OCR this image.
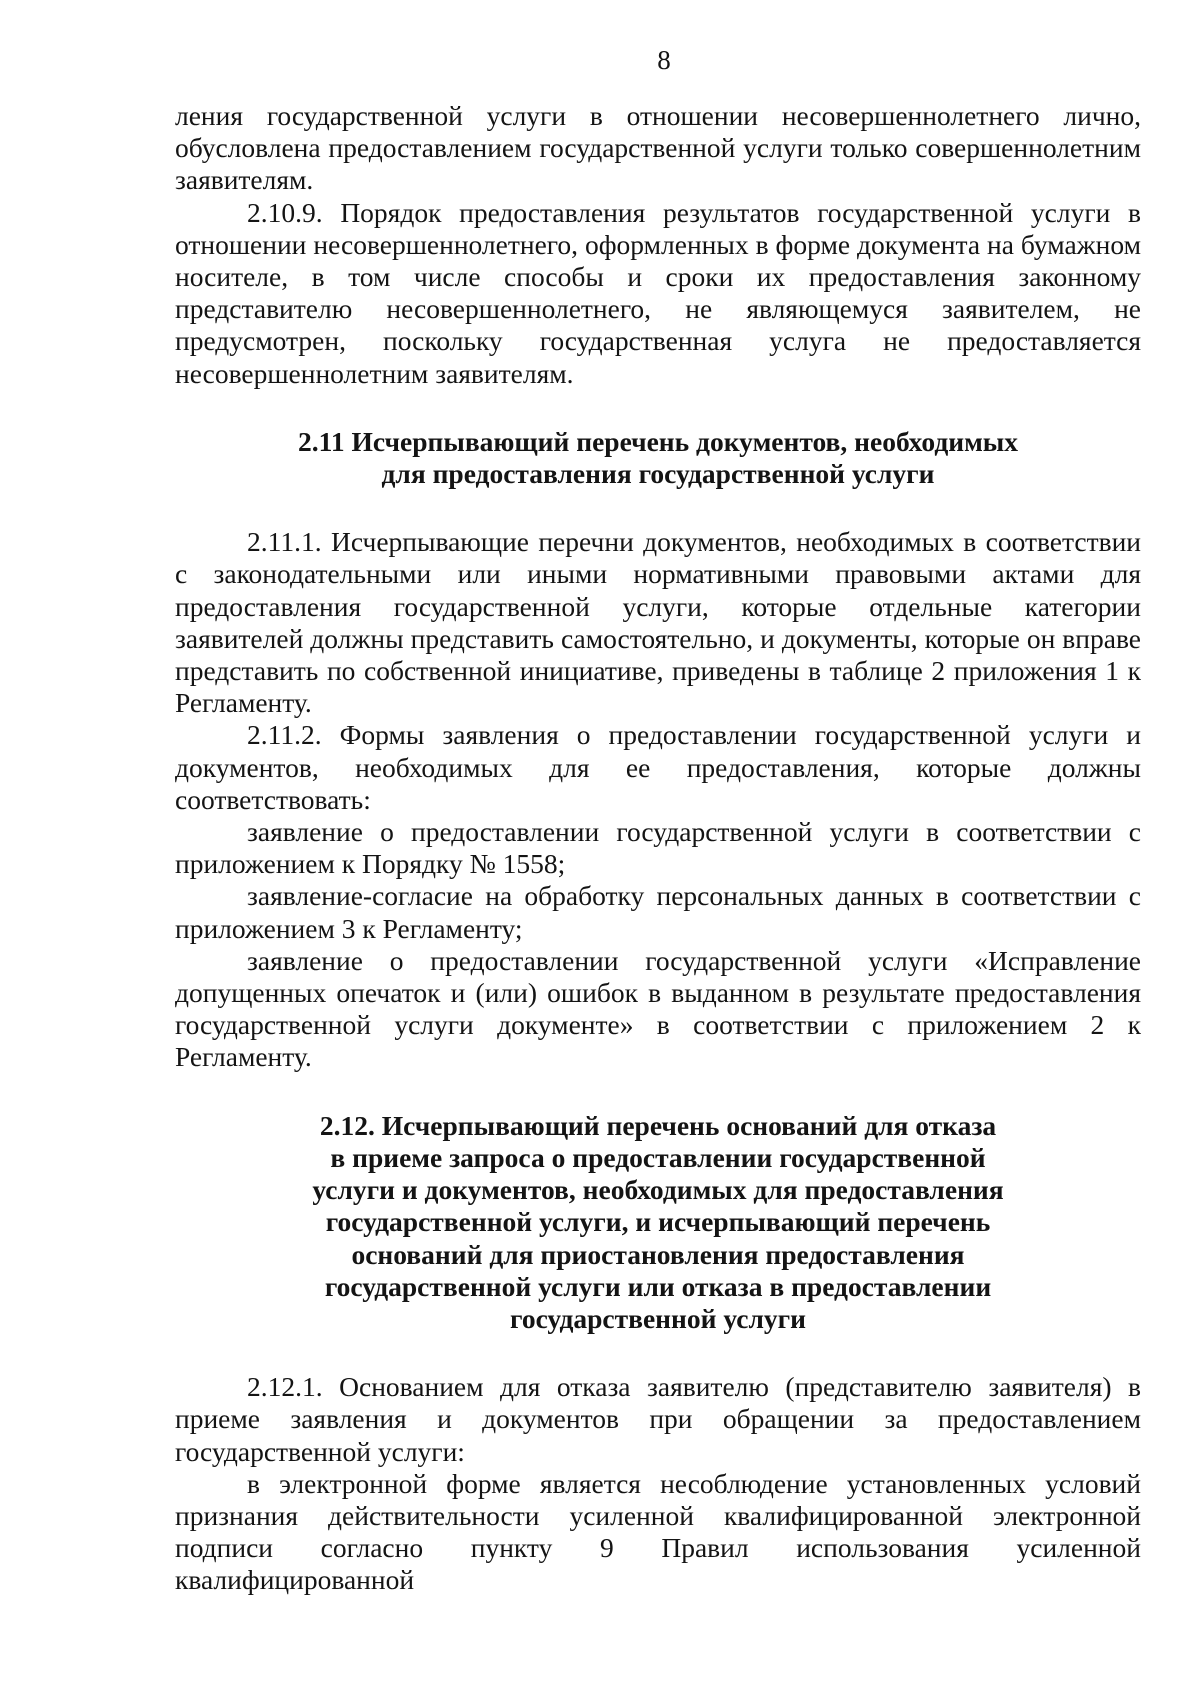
8

ления государственной услуги в отношении несовершеннолетнего лично, обусловлена предоставлением государственной услуги только совершеннолетним заявителям.

2.10.9. Порядок предоставления результатов государственной услуги в отношении несовершеннолетнего, оформленных в форме документа на бумажном носителе, в том числе способы и сроки их предоставления законному представителю несовершеннолетнего, не являющемуся заявителем, не предусмотрен, поскольку государственная услуга не предоставляется несовершеннолетним заявителям.

2.11 Исчерпывающий перечень документов, необходимых
для предоставления государственной услуги

2.11.1. Исчерпывающие перечни документов, необходимых в соответствии с законодательными или иными нормативными правовыми актами для предоставления государственной услуги, которые отдельные категории заявителей должны представить самостоятельно, и документы, которые он вправе представить по собственной инициативе, приведены в таблице 2 приложения 1 к Регламенту.

2.11.2. Формы заявления о предоставлении государственной услуги и документов, необходимых для ее предоставления, которые должны соответствовать:

заявление о предоставлении государственной услуги в соответствии с приложением к Порядку № 1558;

заявление-согласие на обработку персональных данных в соответствии с приложением 3 к Регламенту;

заявление о предоставлении государственной услуги «Исправление допущенных опечаток и (или) ошибок в выданном в результате предоставления государственной услуги документе» в соответствии с приложением 2 к Регламенту.

2.12. Исчерпывающий перечень оснований для отказа
в приеме запроса о предоставлении государственной
услуги и документов, необходимых для предоставления
государственной услуги, и исчерпывающий перечень
оснований для приостановления предоставления
государственной услуги или отказа в предоставлении
государственной услуги

2.12.1. Основанием для отказа заявителю (представителю заявителя) в приеме заявления и документов при обращении за предоставлением государственной услуги:

в электронной форме является несоблюдение установленных условий признания действительности усиленной квалифицированной электронной подписи согласно пункту 9 Правил использования усиленной квалифицированной
